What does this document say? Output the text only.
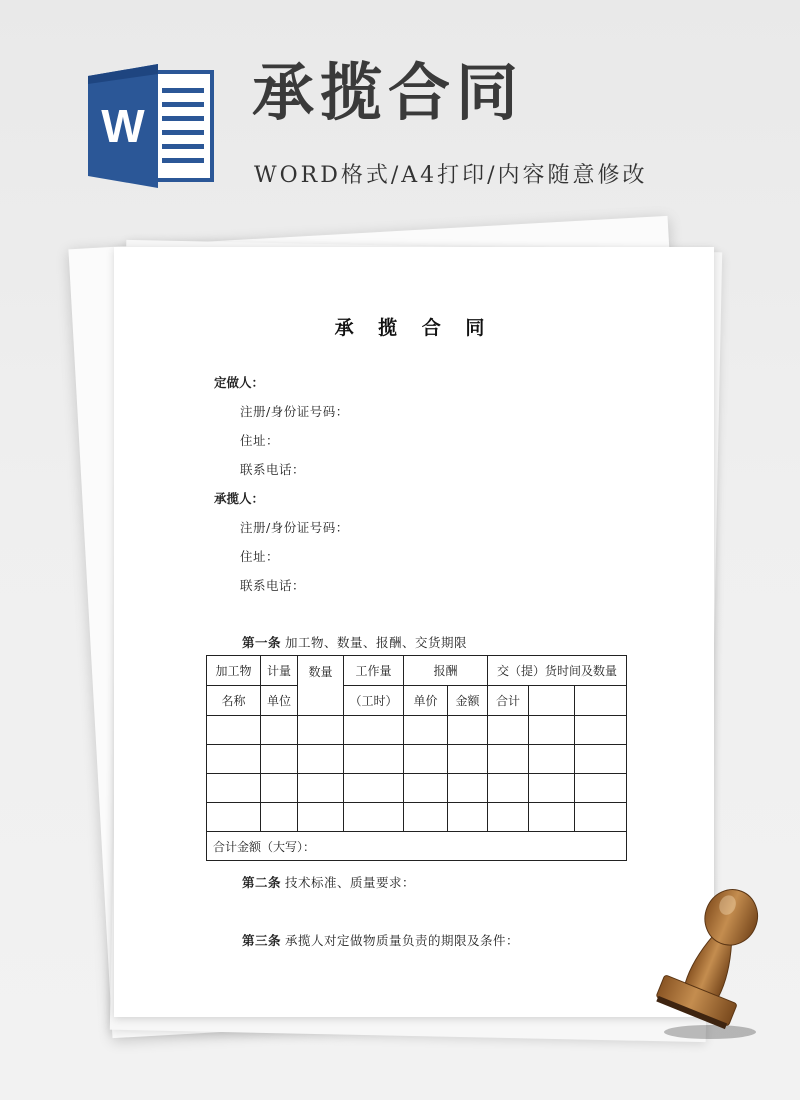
W 承揽合同

WORD格式/A4打印/内容随意修改

承 揽 合 同
定做人：
注册/身份证号码：
住址：
联系电话：
承揽人：
注册/身份证号码：
住址：
联系电话：
第一条 加工物、数量、报酬、交货期限
加工物	计量	数量	工作量	报酬		交（提）货时间及数量		
名称	单位		（工时）	单价	金额	合计		

合计金额（大写）：								
第二条 技术标准、质量要求：
第三条 承揽人对定做物质量负责的期限及条件：
